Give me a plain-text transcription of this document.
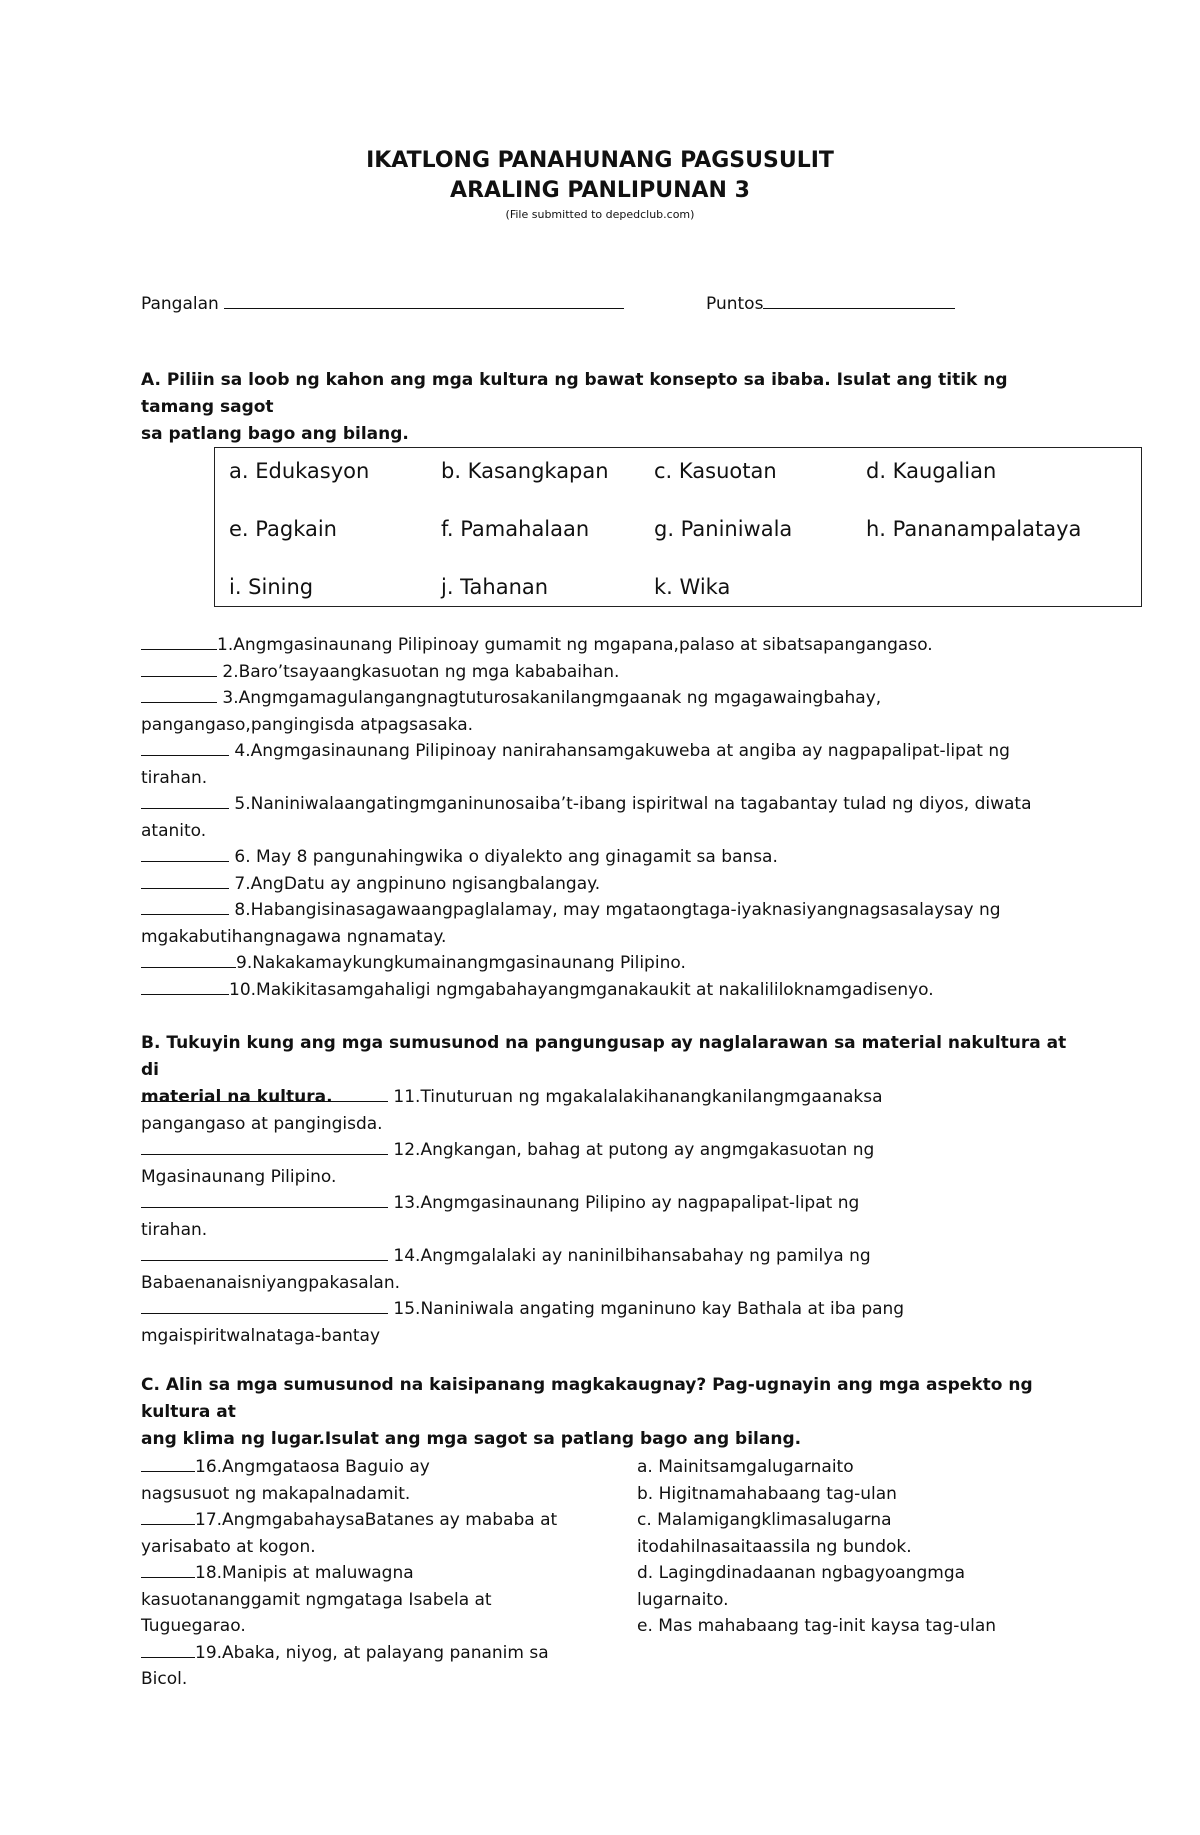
IKATLONG PANAHUNANG PAGSUSULIT
ARALING PANLIPUNAN 3
(File submitted to depedclub.com)
Pangalan	Puntos
A. Piliin sa loob ng kahon ang mga kultura ng bawat konsepto sa ibaba. Isulat ang titik ng tamang sagot
sa patlang bago ang bilang.
a. Edukasyon	b. Kasangkapan c. Kasuotan	d. Kaugalian
e. Pagkain	f. Pamahalaan	g. Paniniwala	h. Pananampalataya
i. Sining	j. Tahanan	k. Wika
1.Angmgasinaunang Pilipinoay gumamit ng mgapana,palaso at sibatsapangangaso.
2.Baro’tsayaangkasuotan ng mga kababaihan.
3.Angmgamagulangangnagtuturosakanilangmgaanak ng mgagawaingbahay,
pangangaso,pangingisda atpagsasaka.
4.Angmgasinaunang Pilipinoay nanirahansamgakuweba at angiba ay nagpapalipat-lipat ng
tirahan.
5.Naniniwalaangatingmganinunosaiba’t-ibang ispiritwal na tagabantay tulad ng diyos, diwata
atanito.
6. May 8 pangunahingwika o diyalekto ang ginagamit sa bansa.
7.AngDatu ay angpinuno ngisangbalangay.
8.Habangisinasagawaangpaglalamay, may mgataongtaga-iyaknasiyangnagsasalaysay ng
mgakabutihangnagawa ngnamatay.
9.Nakakamaykungkumainangmgasinaunang Pilipino.
10.Makikitasamgahaligi ngmgabahayangmganakaukit at nakalililoknamgadisenyo.
B. Tukuyin kung ang mga sumusunod na pangungusap ay naglalarawan sa material nakultura at di
material na kultura.	11.Tinuturuan ng mgakalalakihanangkanilangmgaanaksa
pangangaso at pangingisda.
12.Angkangan, bahag at putong ay angmgakasuotan ng
Mgasinaunang Pilipino.
13.Angmgasinaunang Pilipino ay nagpapalipat-lipat ng
tirahan.
14.Angmgalalaki ay naninilbihansabahay ng pamilya ng
Babaenanaisniyangpakasalan.
15.Naniniwala angating mganinuno kay Bathala at iba pang
mgaispiritwalnataga-bantay
C. Alin sa mga sumusunod na kaisipanang magkakaugnay? Pag-ugnayin ang mga aspekto ng kultura at
ang klima ng lugar.Isulat ang mga sagot sa patlang bago ang bilang.
16.Angmgataosa Baguio ay
nagsusuot ng makapalnadamit.
17.AngmgabahaysaBatanes ay mababa at
yarisabato at kogon.
18.Manipis at maluwagna
kasuotananggamit ngmgataga Isabela at
Tuguegarao.
19.Abaka, niyog, at palayang pananim sa
Bicol.
a. Mainitsamgalugarnaito
b. Higitnamahabaang tag-ulan
c. Malamigangklimasalugarna
itodahilnasaitaassila ng bundok.
d. Lagingdinadaanan ngbagyoangmga
lugarnaito.
e. Mas mahabaang tag-init kaysa tag-ulan
